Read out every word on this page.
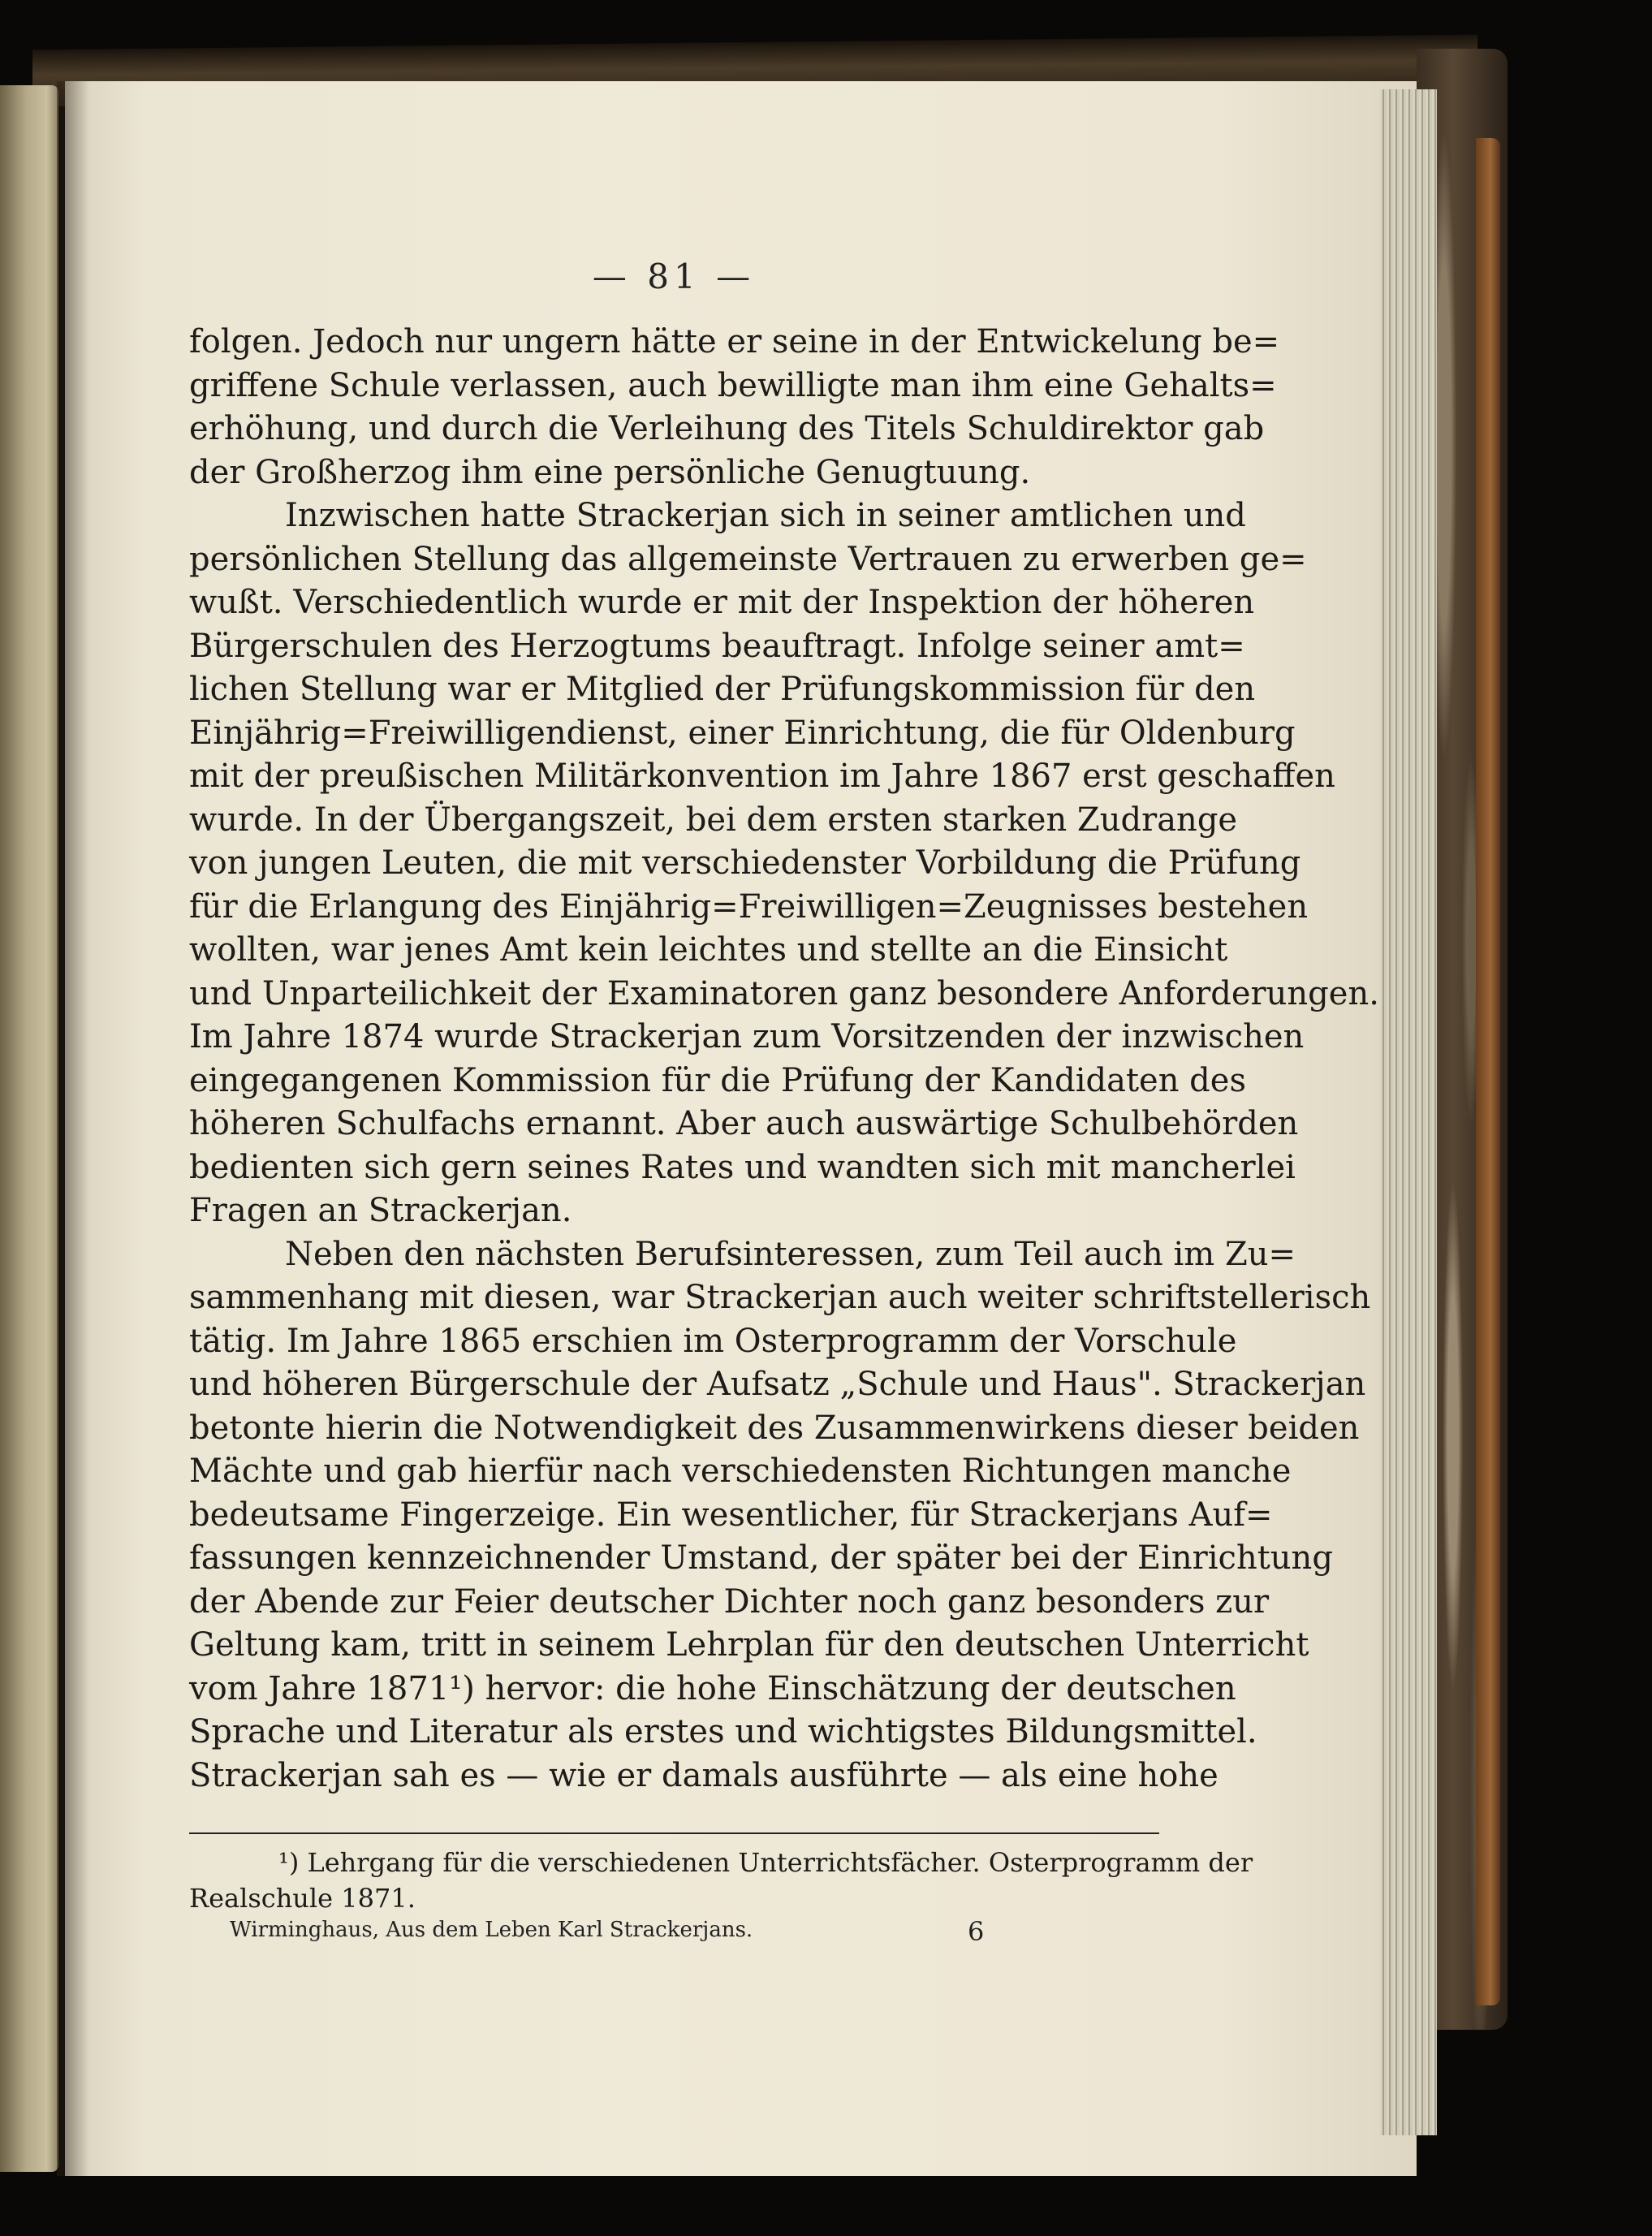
— 81 —
folgen. Jedoch nur ungern hätte er seine in der Entwickelung be=
griffene Schule verlassen, auch bewilligte man ihm eine Gehalts=
erhöhung, und durch die Verleihung des Titels Schuldirektor gab
der Großherzog ihm eine persönliche Genugtuung.
Inzwischen hatte Strackerjan sich in seiner amtlichen und
persönlichen Stellung das allgemeinste Vertrauen zu erwerben ge=
wußt. Verschiedentlich wurde er mit der Inspektion der höheren
Bürgerschulen des Herzogtums beauftragt. Infolge seiner amt=
lichen Stellung war er Mitglied der Prüfungskommission für den
Einjährig=Freiwilligendienst, einer Einrichtung, die für Oldenburg
mit der preußischen Militärkonvention im Jahre 1867 erst geschaffen
wurde. In der Übergangszeit, bei dem ersten starken Zudrange
von jungen Leuten, die mit verschiedenster Vorbildung die Prüfung
für die Erlangung des Einjährig=Freiwilligen=Zeugnisses bestehen
wollten, war jenes Amt kein leichtes und stellte an die Einsicht
und Unparteilichkeit der Examinatoren ganz besondere Anforderungen.
Im Jahre 1874 wurde Strackerjan zum Vorsitzenden der inzwischen
eingegangenen Kommission für die Prüfung der Kandidaten des
höheren Schulfachs ernannt. Aber auch auswärtige Schulbehörden
bedienten sich gern seines Rates und wandten sich mit mancherlei
Fragen an Strackerjan.
Neben den nächsten Berufsinteressen, zum Teil auch im Zu=
sammenhang mit diesen, war Strackerjan auch weiter schriftstellerisch
tätig. Im Jahre 1865 erschien im Osterprogramm der Vorschule
und höheren Bürgerschule der Aufsatz „Schule und Haus". Strackerjan
betonte hierin die Notwendigkeit des Zusammenwirkens dieser beiden
Mächte und gab hierfür nach verschiedensten Richtungen manche
bedeutsame Fingerzeige. Ein wesentlicher, für Strackerjans Auf=
fassungen kennzeichnender Umstand, der später bei der Einrichtung
der Abende zur Feier deutscher Dichter noch ganz besonders zur
Geltung kam, tritt in seinem Lehrplan für den deutschen Unterricht
vom Jahre 1871¹) hervor: die hohe Einschätzung der deutschen
Sprache und Literatur als erstes und wichtigstes Bildungsmittel.
Strackerjan sah es — wie er damals ausführte — als eine hohe
¹) Lehrgang für die verschiedenen Unterrichtsfächer. Osterprogramm der
Realschule 1871.
Wirminghaus, Aus dem Leben Karl Strackerjans.	6
